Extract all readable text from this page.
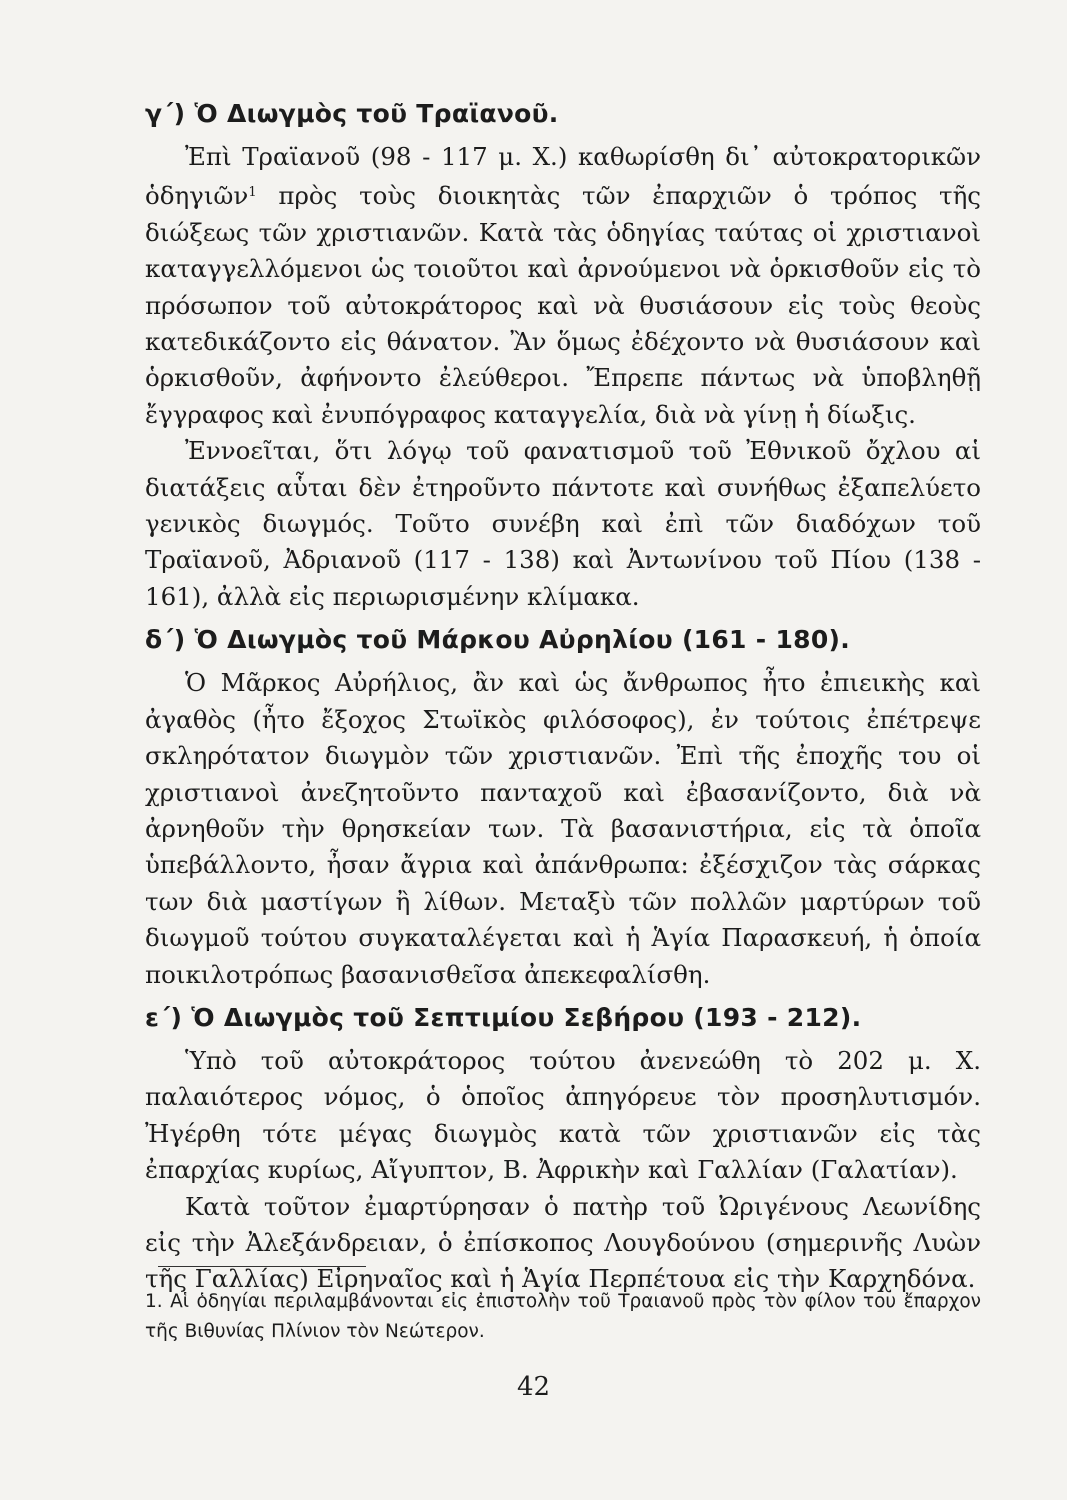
γ΄) Ὁ Διωγμὸς τοῦ Τραϊανοῦ.

Ἐπὶ Τραϊανοῦ (98 - 117 μ. Χ.) καθωρίσθη δι᾿ αὐτοκρατορικῶν ὁδηγιῶν$^1$ πρὸς τοὺς διοικητὰς τῶν ἐπαρχιῶν ὁ τρόπος τῆς διώξεως τῶν χριστιανῶν. Κατὰ τὰς ὁδηγίας ταύτας οἱ χριστιανοὶ καταγγελλόμενοι ὡς τοιοῦτοι καὶ ἀρνούμενοι νὰ ὁρκισθοῦν εἰς τὸ πρόσωπον τοῦ αὐτοκράτορος καὶ νὰ θυσιάσουν εἰς τοὺς θεοὺς κατεδικάζοντο εἰς θάνατον. Ἂν ὅμως ἐδέχοντο νὰ θυσιάσουν καὶ ὁρκισθοῦν, ἀφήνοντο ἐλεύθεροι. Ἔπρεπε πάντως νὰ ὑποβληθῇ ἔγγραφος καὶ ἐνυπόγραφος καταγγελία, διὰ νὰ γίνῃ ἡ δίωξις.

Ἐννοεῖται, ὅτι λόγῳ τοῦ φανατισμοῦ τοῦ Ἐθνικοῦ ὄχλου αἱ διατάξεις αὗται δὲν ἐτηροῦντο πάντοτε καὶ συνήθως ἐξαπελύετο γενικὸς διωγμός. Τοῦτο συνέβη καὶ ἐπὶ τῶν διαδόχων τοῦ Τραϊανοῦ, Ἀδριανοῦ (117 - 138) καὶ Ἀντωνίνου τοῦ Πίου (138 - 161), ἀλλὰ εἰς περιωρισμένην κλίμακα.

δ΄) Ὁ Διωγμὸς τοῦ Μάρκου Αὐρηλίου (161 - 180).

Ὁ Μᾶρκος Αὐρήλιος, ἂν καὶ ὡς ἄνθρωπος ἦτο ἐπιεικὴς καὶ ἀγαθὸς (ἦτο ἔξοχος Στωϊκὸς φιλόσοφος), ἐν τούτοις ἐπέτρεψε σκληρότατον διωγμὸν τῶν χριστιανῶν. Ἐπὶ τῆς ἐποχῆς του οἱ χριστιανοὶ ἀνεζητοῦντο πανταχοῦ καὶ ἐβασανίζοντο, διὰ νὰ ἀρνηθοῦν τὴν θρησκείαν των. Τὰ βασανιστήρια, εἰς τὰ ὁποῖα ὑπεβάλλοντο, ἦσαν ἄγρια καὶ ἀπάνθρωπα: ἐξέσχιζον τὰς σάρκας των διὰ μαστίγων ἢ λίθων. Μεταξὺ τῶν πολλῶν μαρτύρων τοῦ διωγμοῦ τούτου συγκαταλέγεται καὶ ἡ Ἁγία Παρασκευή, ἡ ὁποία ποικιλοτρόπως βασανισθεῖσα ἀπεκεφαλίσθη.

ε΄) Ὁ Διωγμὸς τοῦ Σεπτιμίου Σεβήρου (193 - 212).

Ὑπὸ τοῦ αὐτοκράτορος τούτου ἀνενεώθη τὸ 202 μ. Χ. παλαιότερος νόμος, ὁ ὁποῖος ἀπηγόρευε τὸν προσηλυτισμόν. Ἠγέρθη τότε μέγας διωγμὸς κατὰ τῶν χριστιανῶν εἰς τὰς ἐπαρχίας κυρίως, Αἴγυπτον, Β. Ἀφρικὴν καὶ Γαλλίαν (Γαλατίαν).

Κατὰ τοῦτον ἐμαρτύρησαν ὁ πατὴρ τοῦ Ὠριγένους Λεωνίδης εἰς τὴν Ἀλεξάνδρειαν, ὁ ἐπίσκοπος Λουγδούνου (σημερινῆς Λυὼν τῆς Γαλλίας) Εἰρηναῖος καὶ ἡ Ἁγία Περπέτουα εἰς τὴν Καρχηδόνα.

1. Αἱ ὁδηγίαι περιλαμβάνονται εἰς ἐπιστολὴν τοῦ Τραιανοῦ πρὸς τὸν φίλον του ἔπαρχον τῆς Βιθυνίας Πλίνιον τὸν Νεώτερον.

42
